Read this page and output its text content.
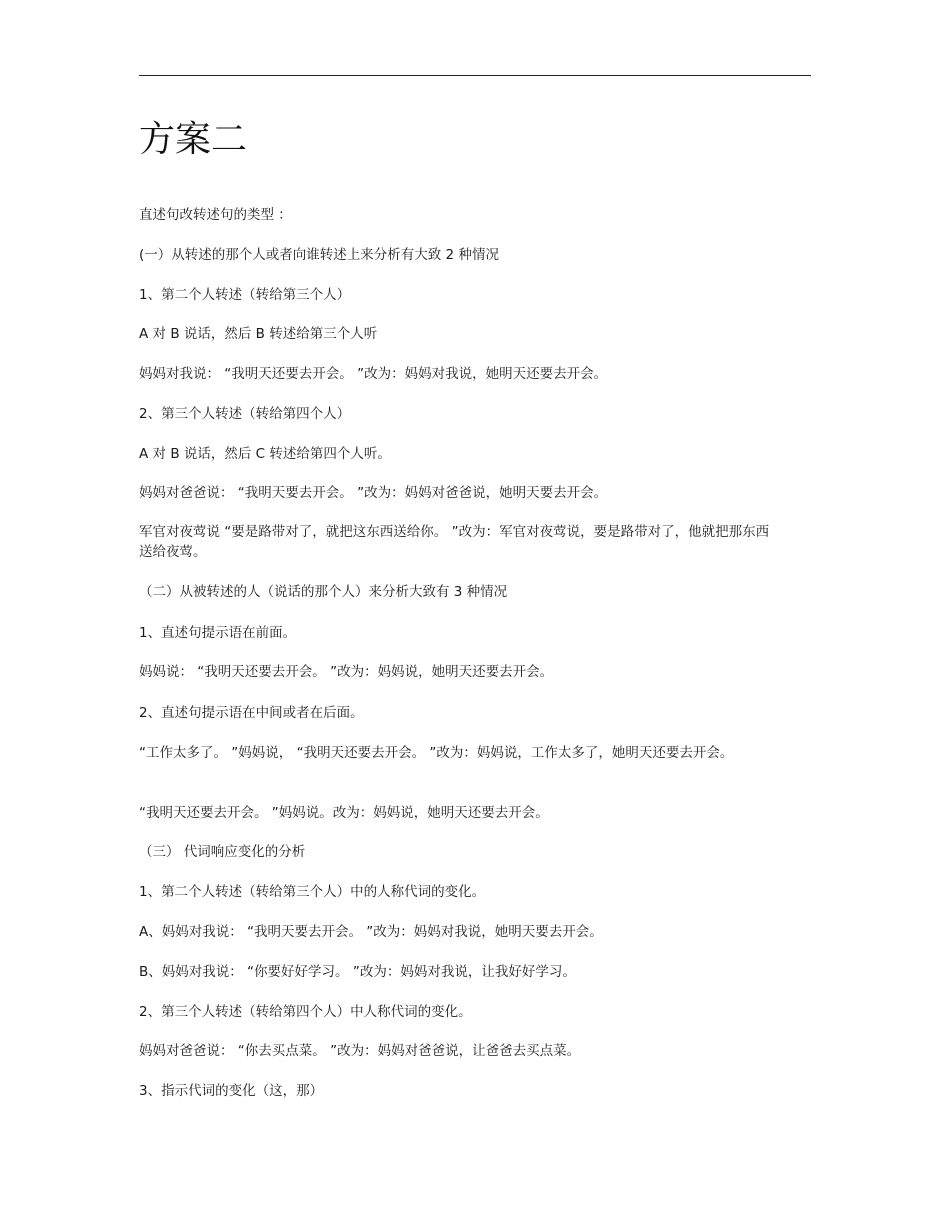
方案二
直述句改转述句的类型 ：
(一）从转述的那个人或者向谁转述上来分析有大致 2 种情况
1、第二个人转述（转给第三个人）
A 对 B 说话，然后 B 转述给第三个人听
妈妈对我说： “我明天还要去开会。 ”改为：妈妈对我说，她明天还要去开会。
2、第三个人转述（转给第四个人）
A 对 B 说话，然后 C 转述给第四个人听。
妈妈对爸爸说： “我明天要去开会。 ”改为：妈妈对爸爸说，她明天要去开会。
军官对夜莺说 “要是路带对了，就把这东西送给你。 ”改为：军官对夜莺说，要是路带对了，他就把那东西送给夜莺。
（二）从被转述的人（说话的那个人）来分析大致有 3 种情况
1、直述句提示语在前面。
妈妈说： “我明天还要去开会。 ”改为：妈妈说，她明天还要去开会。
2、直述句提示语在中间或者在后面。
“工作太多了。 ”妈妈说， “我明天还要去开会。 ”改为：妈妈说，工作太多了，她明天还要去开会。
“我明天还要去开会。 ”妈妈说。改为：妈妈说，她明天还要去开会。
（三） 代词响应变化的分析
1、第二个人转述（转给第三个人）中的人称代词的变化。
A、妈妈对我说： “我明天要去开会。 ”改为：妈妈对我说，她明天要去开会。
B、妈妈对我说： “你要好好学习。 ”改为：妈妈对我说，让我好好学习。
2、第三个人转述（转给第四个人）中人称代词的变化。
妈妈对爸爸说： “你去买点菜。 ”改为：妈妈对爸爸说，让爸爸去买点菜。
3、指示代词的变化（这，那）
